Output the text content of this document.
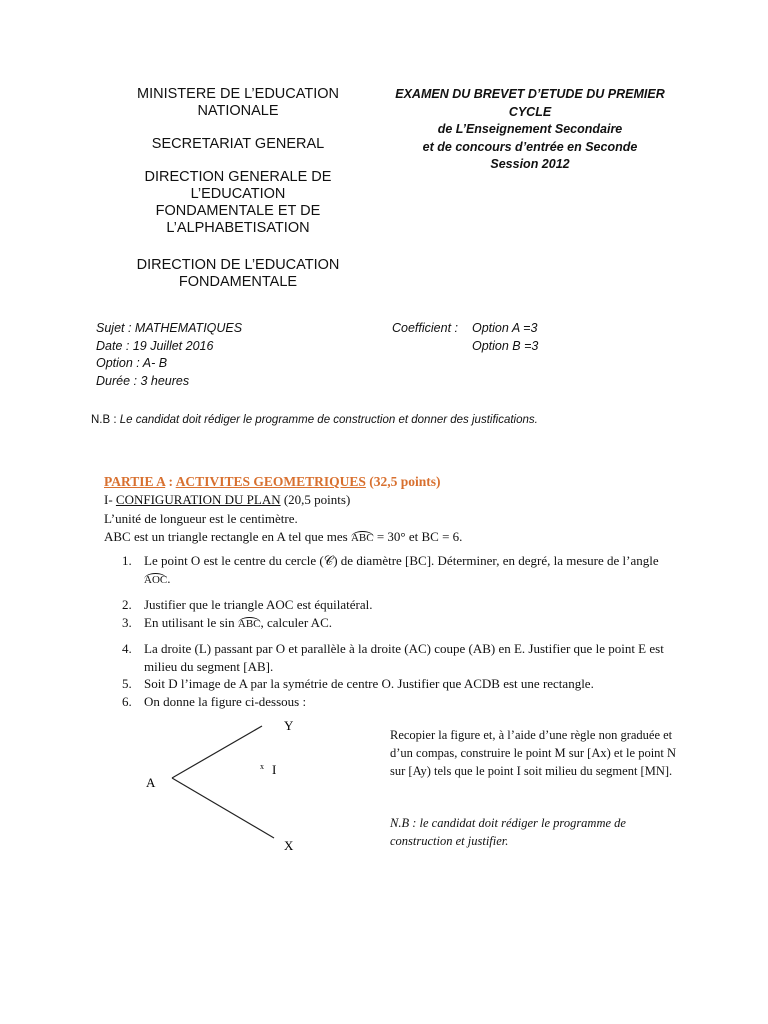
MINISTERE DE L’EDUCATION
NATIONALE
SECRETARIAT GENERAL
DIRECTION GENERALE DE
L’EDUCATION
FONDAMENTALE ET DE
L’ALPHABETISATION
DIRECTION DE L’EDUCATION
FONDAMENTALE
EXAMEN DU BREVET D’ETUDE DU PREMIER
CYCLE
de L’Enseignement Secondaire
et de concours d’entrée en Seconde
Session 2012
Sujet : MATHEMATIQUES
Date : 19 Juillet 2016
Option : A- B
Durée : 3 heures
Coefficient :	Option A =3
Option B =3
N.B : Le candidat doit rédiger le programme de construction et donner des justifications.
PARTIE A : ACTIVITES GEOMETRIQUES (32,5 points)
I- CONFIGURATION DU PLAN (20,5 points)
L’unité de longueur est le centimètre.
ABC est un triangle rectangle en A tel que mes ABC = 30° et BC = 6.
1. Le point O est le centre du cercle (𝒞) de diamètre [BC]. Déterminer, en degré, la mesure de l’angle AOC.
2. Justifier que le triangle AOC est équilatéral.
3. En utilisant le sin ABC, calculer AC.
4. La droite (L) passant par O et parallèle à la droite (AC) coupe (AB) en E. Justifier que le point E est milieu du segment [AB].
5. Soit D l’image de A par la symétrie de centre O. Justifier que ACDB est une rectangle.
6. On donne la figure ci-dessous :
A
Y
X
x I
Recopier la figure et, à l’aide d’une règle non graduée et d’un compas, construire le point M sur [Ax) et le point N sur [Ay) tels que le point I soit milieu du segment [MN].
N.B : le candidat doit rédiger le programme de construction et justifier.
